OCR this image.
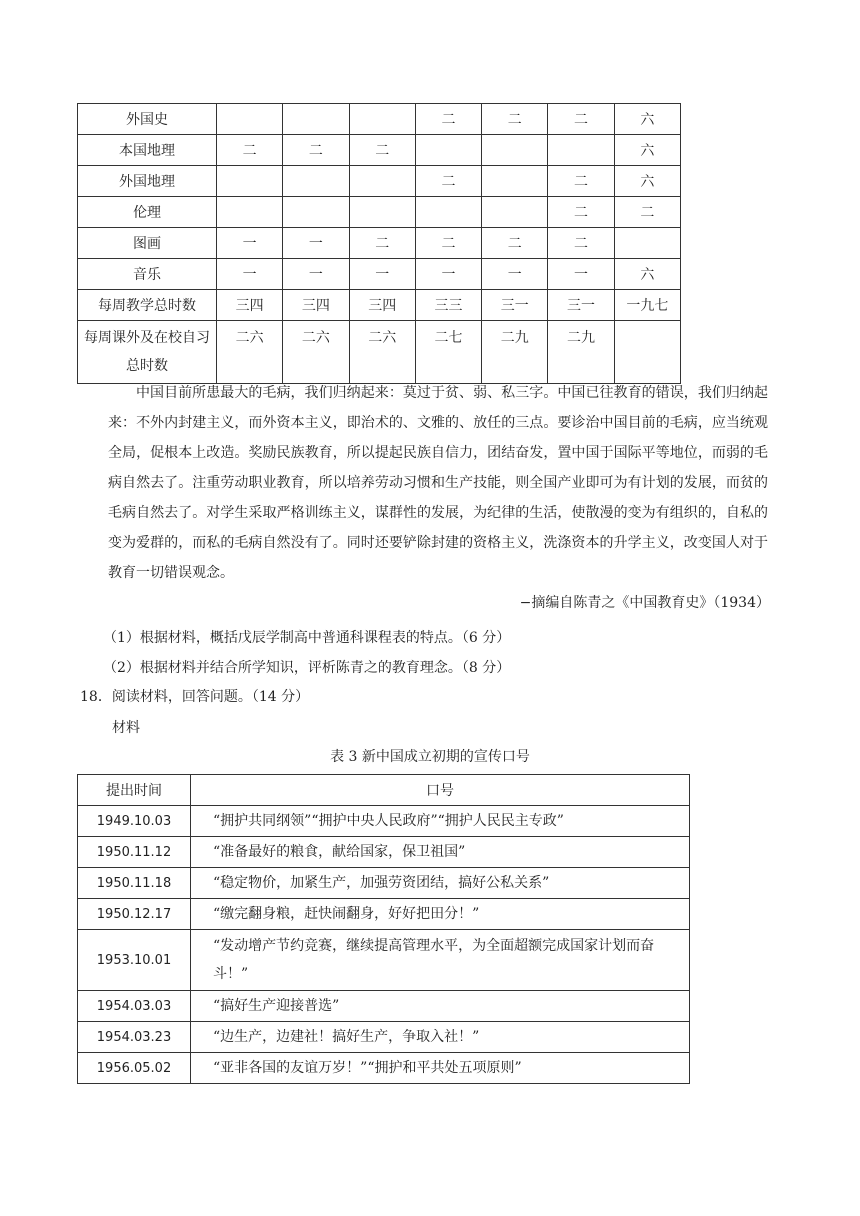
外国史				二	二	二	六
本国地理	二	二	二				六
外国地理				二		二	六
伦理						二	二
图画	一	一	二	二	二	二	
音乐	一	一	一	一	一	一	六
每周教学总时数	三四	三四	三四	三三	三一	三一	一九七
每周课外及在校自习总时数	二六	二六	二六	二七	二九	二九	

中国目前所患最大的毛病，我们归纳起来：莫过于贫、弱、私三字。中国已往教育的错误，我们归纳起来：不外内封建主义，而外资本主义，即治术的、文雅的、放任的三点。要诊治中国目前的毛病，应当统观全局，促根本上改造。奖励民族教育，所以提起民族自信力，团结奋发，置中国于国际平等地位，而弱的毛病自然去了。注重劳动职业教育，所以培养劳动习惯和生产技能，则全国产业即可为有计划的发展，而贫的毛病自然去了。对学生采取严格训练主义，谋群性的发展，为纪律的生活，使散漫的变为有组织的，自私的变为爱群的，而私的毛病自然没有了。同时还要铲除封建的资格主义，洗涤资本的升学主义，改变国人对于教育一切错误观念。

−摘编自陈青之《中国教育史》（1934）
（1）根据材料，概括戊辰学制高中普通科课程表的特点。（6 分）
（2）根据材料并结合所学知识，评析陈青之的教育理念。（8 分）
18．阅读材料，回答问题。（14 分）
材料
表 3 新中国成立初期的宣传口号
提出时间	口号
1949.10.03	“拥护共同纲领”“拥护中央人民政府”“拥护人民民主专政”
1950.11.12	“准备最好的粮食，献给国家，保卫祖国”
1950.11.18	“稳定物价，加紧生产，加强劳资团结，搞好公私关系”
1950.12.17	“缴完翻身粮，赶快闹翻身，好好把田分！”
1953.10.01	“发动增产节约竞赛，继续提高管理水平，为全面超额完成国家计划而奋斗！”
1954.03.03	“搞好生产迎接普选”
1954.03.23	“边生产，边建社！搞好生产，争取入社！”
1956.05.02	“亚非各国的友谊万岁！”“拥护和平共处五项原则”
